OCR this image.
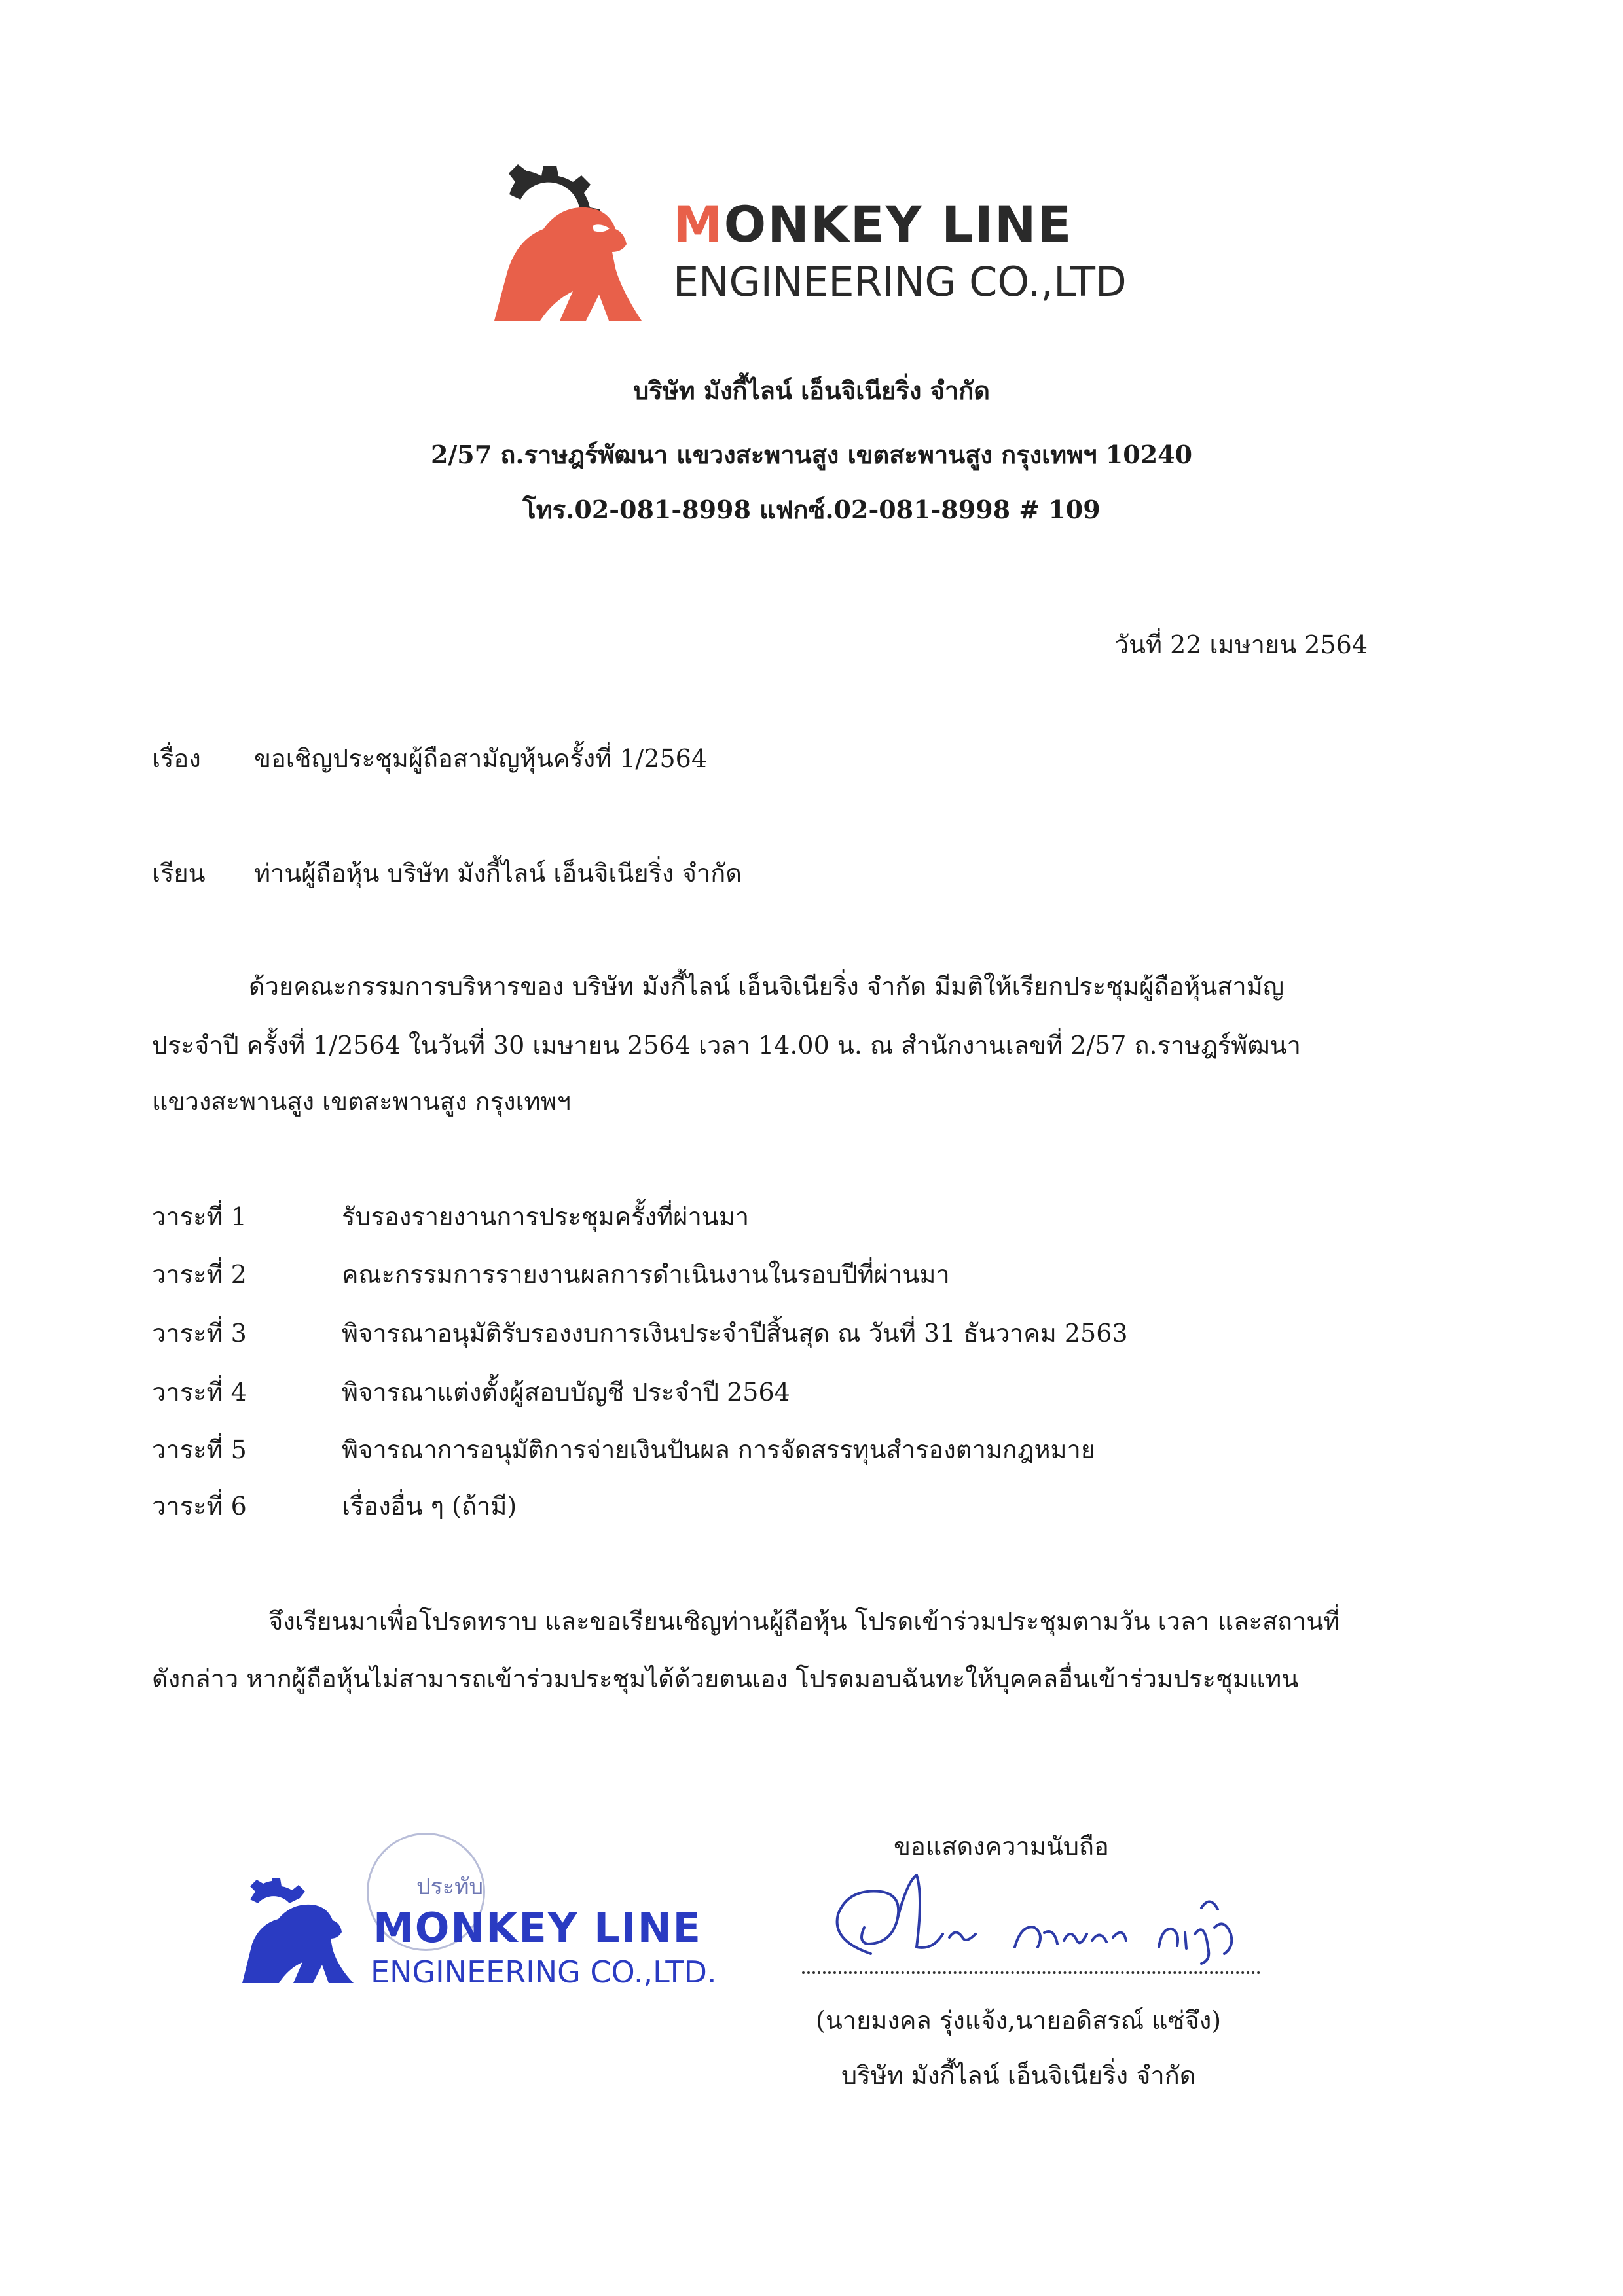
MONKEY LINE
ENGINEERING CO.,LTD
บริษัท มังกี้ไลน์ เอ็นจิเนียริ่ง จำกัด
2/57 ถ.ราษฎร์พัฒนา แขวงสะพานสูง เขตสะพานสูง กรุงเทพฯ 10240
โทร.02-081-8998 แฟกซ์.02-081-8998 # 109
วันที่ 22 เมษายน 2564
เรื่อง ขอเชิญประชุมผู้ถือสามัญหุ้นครั้งที่ 1/2564
เรียน ท่านผู้ถือหุ้น บริษัท มังกี้ไลน์ เอ็นจิเนียริ่ง จำกัด
ด้วยคณะกรรมการบริหารของ บริษัท มังกี้ไลน์ เอ็นจิเนียริ่ง จำกัด มีมติให้เรียกประชุมผู้ถือหุ้นสามัญ
ประจำปี ครั้งที่ 1/2564 ในวันที่ 30 เมษายน 2564 เวลา 14.00 น. ณ สำนักงานเลขที่ 2/57 ถ.ราษฎร์พัฒนา
แขวงสะพานสูง เขตสะพานสูง กรุงเทพฯ
วาระที่ 1	รับรองรายงานการประชุมครั้งที่ผ่านมา
วาระที่ 2	คณะกรรมการรายงานผลการดำเนินงานในรอบปีที่ผ่านมา
วาระที่ 3	พิจารณาอนุมัติรับรองงบการเงินประจำปีสิ้นสุด ณ วันที่ 31 ธันวาคม 2563
วาระที่ 4	พิจารณาแต่งตั้งผู้สอบบัญชี ประจำปี 2564
วาระที่ 5	พิจารณาการอนุมัติการจ่ายเงินปันผล การจัดสรรทุนสำรองตามกฎหมาย
วาระที่ 6	เรื่องอื่น ๆ (ถ้ามี)
จึงเรียนมาเพื่อโปรดทราบ และขอเรียนเชิญท่านผู้ถือหุ้น โปรดเข้าร่วมประชุมตามวัน เวลา และสถานที่
ดังกล่าว หากผู้ถือหุ้นไม่สามารถเข้าร่วมประชุมได้ด้วยตนเอง โปรดมอบฉันทะให้บุคคลอื่นเข้าร่วมประชุมแทน
ขอแสดงความนับถือ
ประทับ
MONKEY LINE
ENGINEERING CO.,LTD.
(นายมงคล รุ่งแจ้ง,นายอดิสรณ์ แซ่จึง)
บริษัท มังกี้ไลน์ เอ็นจิเนียริ่ง จำกัด
